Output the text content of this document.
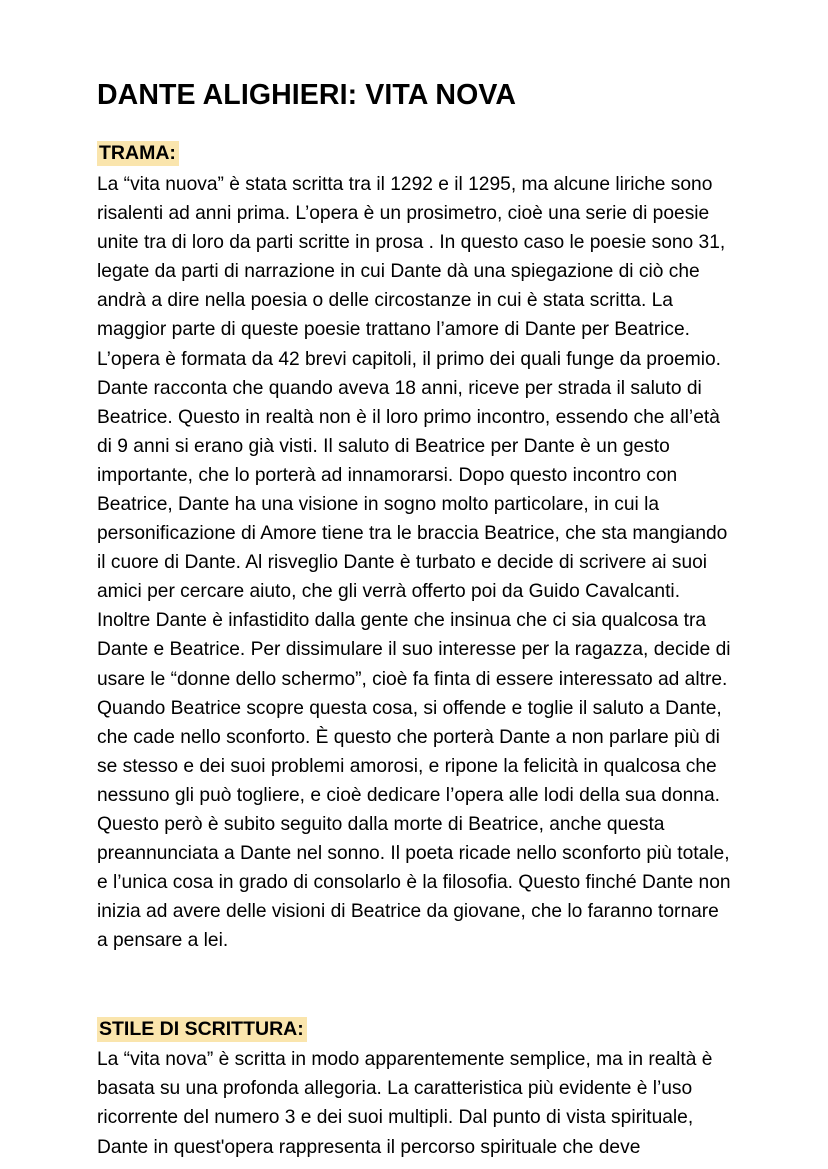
DANTE ALIGHIERI: VITA NOVA
TRAMA:

La “vita nuova” è stata scritta tra il 1292 e il 1295, ma alcune liriche sono risalenti ad anni prima. L’opera è un prosimetro, cioè una serie di poesie unite tra di loro da parti scritte in prosa . In questo caso le poesie sono 31, legate da parti di narrazione in cui Dante dà una spiegazione di ciò che andrà a dire nella poesia o delle circostanze in cui è stata scritta. La maggior parte di queste poesie trattano l’amore di Dante per Beatrice. L’opera è formata da 42 brevi capitoli, il primo dei quali funge da proemio.

Dante racconta che quando aveva 18 anni, riceve per strada il saluto di Beatrice. Questo in realtà non è il loro primo incontro, essendo che all’età di 9 anni si erano già visti. Il saluto di Beatrice per Dante è un gesto importante, che lo porterà ad innamorarsi. Dopo questo incontro con Beatrice, Dante ha una visione in sogno molto particolare, in cui la personificazione di Amore tiene tra le braccia Beatrice, che sta mangiando il cuore di Dante. Al risveglio Dante è turbato e decide di scrivere ai suoi amici per cercare aiuto, che gli verrà offerto poi da Guido Cavalcanti. Inoltre Dante è infastidito dalla gente che insinua che ci sia qualcosa tra Dante e Beatrice. Per dissimulare il suo interesse per la ragazza, decide di usare le “donne dello schermo”, cioè fa finta di essere interessato ad altre. Quando Beatrice scopre questa cosa, si offende e toglie il saluto a Dante, che cade nello sconforto. È questo che porterà Dante a non parlare più di se stesso e dei suoi problemi amorosi, e ripone la felicità in qualcosa che nessuno gli può togliere, e cioè dedicare l’opera alle lodi della sua donna. Questo però è subito seguito dalla morte di Beatrice, anche questa preannunciata a Dante nel sonno. Il poeta ricade nello sconforto più totale, e l’unica cosa in grado di consolarlo è la filosofia. Questo finché Dante non inizia ad avere delle visioni di Beatrice da giovane, che lo faranno tornare a pensare a lei.

STILE DI SCRITTURA:

La “vita nova” è scritta in modo apparentemente semplice, ma in realtà è basata su una profonda allegoria. La caratteristica più evidente è l’uso ricorrente del numero 3 e dei suoi multipli. Dal punto di vista spirituale, Dante in quest'opera rappresenta il percorso spirituale che deve
